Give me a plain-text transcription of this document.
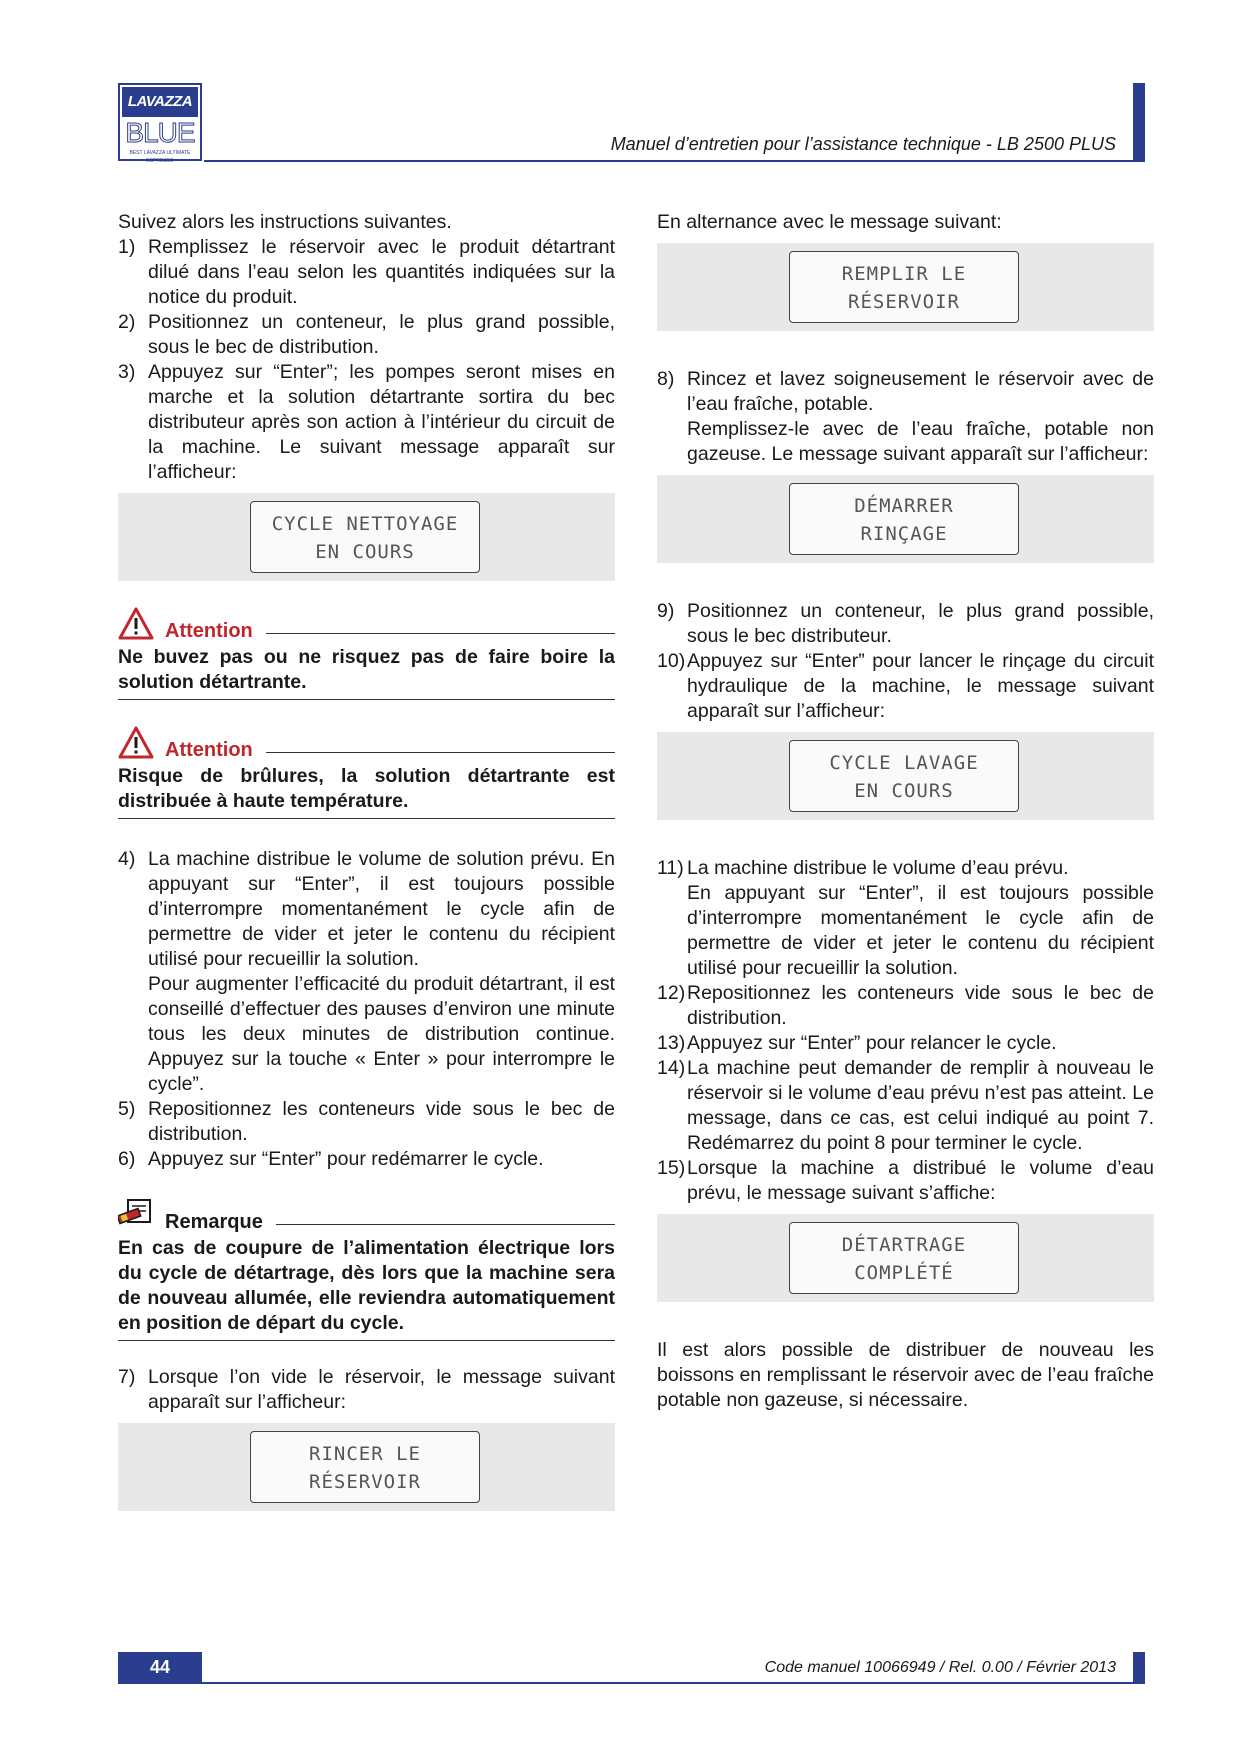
LAVAZZA
BLUE
BEST LAVAZZA ULTIMATE ESPRESSO
Manuel d’entretien pour l’assistance technique - LB 2500 PLUS

Suivez alors les instructions suivantes.

1) Remplissez le réservoir avec le produit détartrant dilué dans l’eau selon les quantités indiquées sur la notice du produit.
2) Positionnez un conteneur, le plus grand possible, sous le bec de distribution.
3) Appuyez sur “Enter”; les pompes seront mises en marche et la solution détartrante sortira du bec distributeur après son action à l’intérieur du circuit de la machine. Le suivant message apparaît sur l’afficheur:
CYCLE NETTOYAGE
EN COURS
Attention

Ne buvez pas ou ne risquez pas de faire boire la solution détartrante.

Attention

Risque de brûlures, la solution détartrante est distribuée à haute température.

4) La machine distribue le volume de solution prévu. En appuyant sur “Enter”, il est toujours possible d’interrompre momentanément le cycle afin de permettre de vider et jeter le contenu du récipient utilisé pour recueillir la solution.
Pour augmenter l’efficacité du produit détartrant, il est conseillé d’effectuer des pauses d’environ une minute tous les deux minutes de distribution continue. Appuyez sur la touche « Enter » pour interrompre le cycle”.
5) Repositionnez les conteneurs vide sous le bec de distribution.
6) Appuyez sur “Enter” pour redémarrer le cycle.
Remarque

En cas de coupure de l’alimentation électrique lors du cycle de détartrage, dès lors que la machine sera de nouveau allumée, elle reviendra automatiquement en position de départ du cycle.

7) Lorsque l’on vide le réservoir, le message suivant apparaît sur l’afficheur:
RINCER LE
RÉSERVOIR

En alternance avec le message suivant:

REMPLIR LE
RÉSERVOIR
8) Rincez et lavez soigneusement le réservoir avec de l’eau fraîche, potable.
Remplissez-le avec de l’eau fraîche, potable non gazeuse. Le message suivant apparaît sur l’afficheur:
DÉMARRER
RINÇAGE
9) Positionnez un conteneur, le plus grand possible, sous le bec distributeur.
10) Appuyez sur “Enter” pour lancer le rinçage du circuit hydraulique de la machine, le message suivant apparaît sur l’afficheur:
CYCLE LAVAGE
EN COURS
11) La machine distribue le volume d’eau prévu.
En appuyant sur “Enter”, il est toujours possible d’interrompre momentanément le cycle afin de permettre de vider et jeter le contenu du récipient utilisé pour recueillir la solution.
12) Repositionnez les conteneurs vide sous le bec de distribution.
13) Appuyez sur “Enter” pour relancer le cycle.
14) La machine peut demander de remplir à nouveau le réservoir si le volume d’eau prévu n’est pas atteint. Le message, dans ce cas, est celui indiqué au point 7. Redémarrez du point 8 pour terminer le cycle.
15) Lorsque la machine a distribué le volume d’eau prévu, le message suivant s’affiche:
DÉTARTRAGE
COMPLÉTÉ

Il est alors possible de distribuer de nouveau les boissons en remplissant le réservoir avec de l’eau fraîche potable non gazeuse, si nécessaire.

44	Code manuel 10066949 / Rel. 0.00 / Février 2013
